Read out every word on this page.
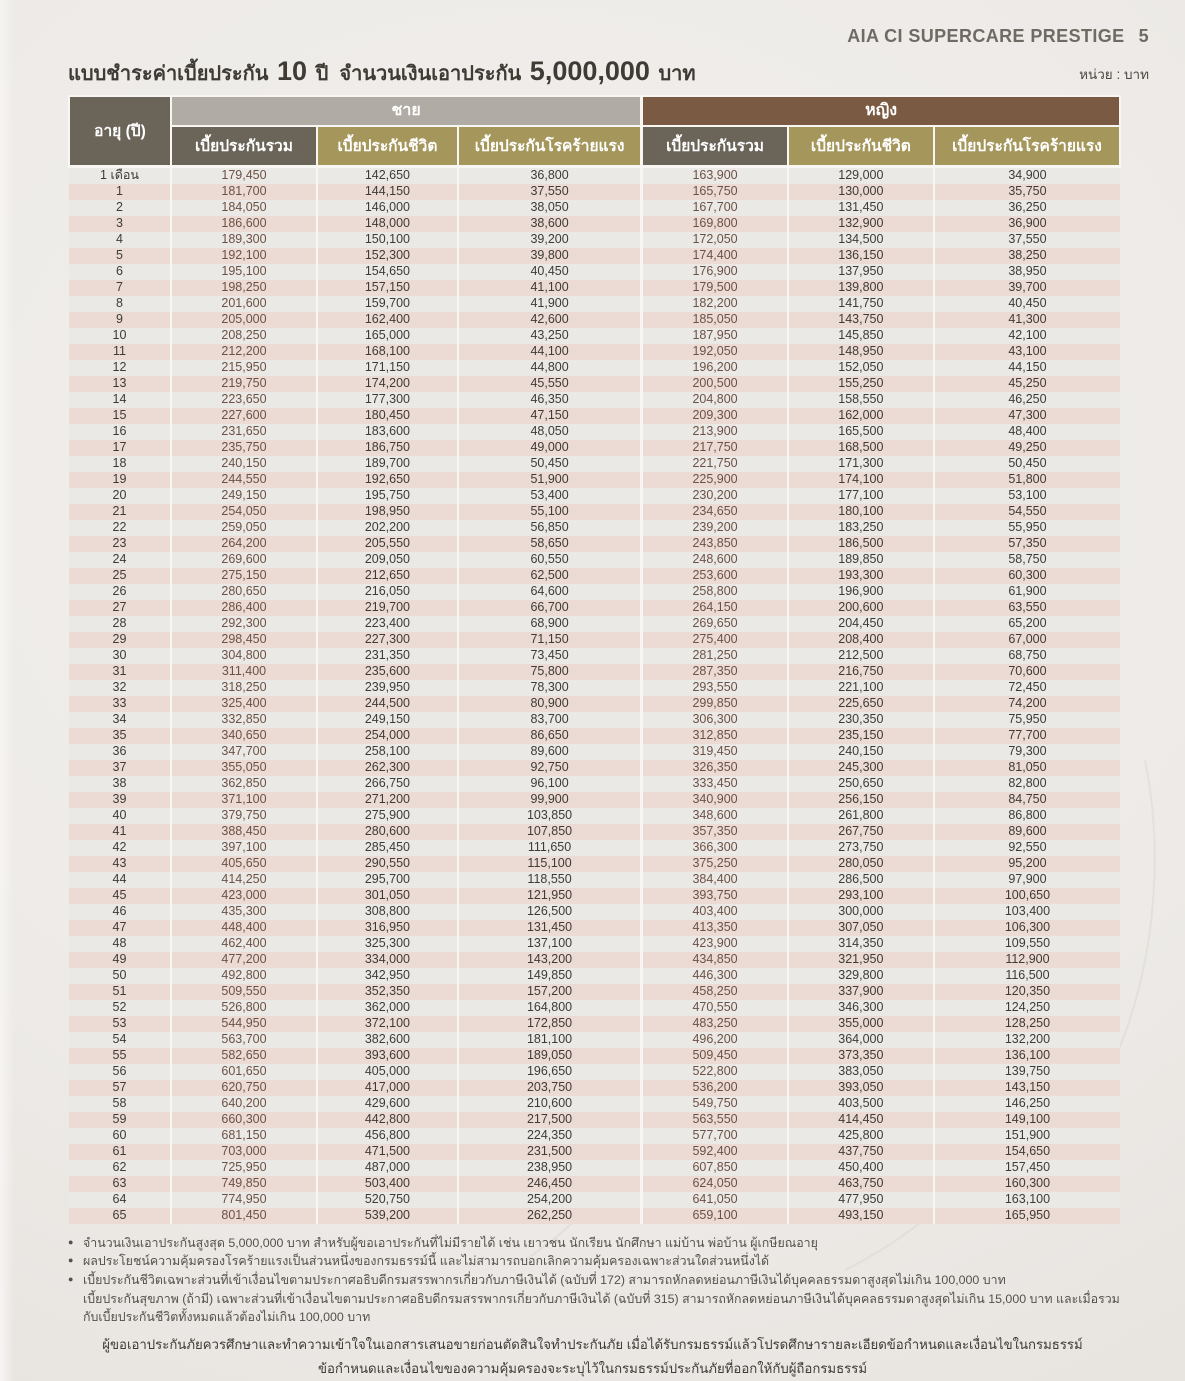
AIA CI SUPERCARE PRESTIGE 5
แบบชำระค่าเบี้ยประกัน 10 ปี จำนวนเงินเอาประกัน 5,000,000 บาท	หน่วย : บาท
อายุ (ปี)	ชาย			หญิง		
	เบี้ยประกันรวม	เบี้ยประกันชีวิต	เบี้ยประกันโรคร้ายแรง	เบี้ยประกันรวม	เบี้ยประกันชีวิต	เบี้ยประกันโรคร้ายแรง
1 เดือน	179,450	142,650	36,800	163,900	129,000	34,900
1	181,700	144,150	37,550	165,750	130,000	35,750
2	184,050	146,000	38,050	167,700	131,450	36,250
3	186,600	148,000	38,600	169,800	132,900	36,900
4	189,300	150,100	39,200	172,050	134,500	37,550
5	192,100	152,300	39,800	174,400	136,150	38,250
6	195,100	154,650	40,450	176,900	137,950	38,950
7	198,250	157,150	41,100	179,500	139,800	39,700
8	201,600	159,700	41,900	182,200	141,750	40,450
9	205,000	162,400	42,600	185,050	143,750	41,300
10	208,250	165,000	43,250	187,950	145,850	42,100
11	212,200	168,100	44,100	192,050	148,950	43,100
12	215,950	171,150	44,800	196,200	152,050	44,150
13	219,750	174,200	45,550	200,500	155,250	45,250
14	223,650	177,300	46,350	204,800	158,550	46,250
15	227,600	180,450	47,150	209,300	162,000	47,300
16	231,650	183,600	48,050	213,900	165,500	48,400
17	235,750	186,750	49,000	217,750	168,500	49,250
18	240,150	189,700	50,450	221,750	171,300	50,450
19	244,550	192,650	51,900	225,900	174,100	51,800
20	249,150	195,750	53,400	230,200	177,100	53,100
21	254,050	198,950	55,100	234,650	180,100	54,550
22	259,050	202,200	56,850	239,200	183,250	55,950
23	264,200	205,550	58,650	243,850	186,500	57,350
24	269,600	209,050	60,550	248,600	189,850	58,750
25	275,150	212,650	62,500	253,600	193,300	60,300
26	280,650	216,050	64,600	258,800	196,900	61,900
27	286,400	219,700	66,700	264,150	200,600	63,550
28	292,300	223,400	68,900	269,650	204,450	65,200
29	298,450	227,300	71,150	275,400	208,400	67,000
30	304,800	231,350	73,450	281,250	212,500	68,750
31	311,400	235,600	75,800	287,350	216,750	70,600
32	318,250	239,950	78,300	293,550	221,100	72,450
33	325,400	244,500	80,900	299,850	225,650	74,200
34	332,850	249,150	83,700	306,300	230,350	75,950
35	340,650	254,000	86,650	312,850	235,150	77,700
36	347,700	258,100	89,600	319,450	240,150	79,300
37	355,050	262,300	92,750	326,350	245,300	81,050
38	362,850	266,750	96,100	333,450	250,650	82,800
39	371,100	271,200	99,900	340,900	256,150	84,750
40	379,750	275,900	103,850	348,600	261,800	86,800
41	388,450	280,600	107,850	357,350	267,750	89,600
42	397,100	285,450	111,650	366,300	273,750	92,550
43	405,650	290,550	115,100	375,250	280,050	95,200
44	414,250	295,700	118,550	384,400	286,500	97,900
45	423,000	301,050	121,950	393,750	293,100	100,650
46	435,300	308,800	126,500	403,400	300,000	103,400
47	448,400	316,950	131,450	413,350	307,050	106,300
48	462,400	325,300	137,100	423,900	314,350	109,550
49	477,200	334,000	143,200	434,850	321,950	112,900
50	492,800	342,950	149,850	446,300	329,800	116,500
51	509,550	352,350	157,200	458,250	337,900	120,350
52	526,800	362,000	164,800	470,550	346,300	124,250
53	544,950	372,100	172,850	483,250	355,000	128,250
54	563,700	382,600	181,100	496,200	364,000	132,200
55	582,650	393,600	189,050	509,450	373,350	136,100
56	601,650	405,000	196,650	522,800	383,050	139,750
57	620,750	417,000	203,750	536,200	393,050	143,150
58	640,200	429,600	210,600	549,750	403,500	146,250
59	660,300	442,800	217,500	563,550	414,450	149,100
60	681,150	456,800	224,350	577,700	425,800	151,900
61	703,000	471,500	231,500	592,400	437,750	154,650
62	725,950	487,000	238,950	607,850	450,400	157,450
63	749,850	503,400	246,450	624,050	463,750	160,300
64	774,950	520,750	254,200	641,050	477,950	163,100
65	801,450	539,200	262,250	659,100	493,150	165,950
● จำนวนเงินเอาประกันสูงสุด 5,000,000 บาท สำหรับผู้ขอเอาประกันที่ไม่มีรายได้ เช่น เยาวชน นักเรียน นักศึกษา แม่บ้าน พ่อบ้าน ผู้เกษียณอายุ
● ผลประโยชน์ความคุ้มครองโรคร้ายแรงเป็นส่วนหนึ่งของกรมธรรม์นี้ และไม่สามารถบอกเลิกความคุ้มครองเฉพาะส่วนใดส่วนหนึ่งได้
● เบี้ยประกันชีวิตเฉพาะส่วนที่เข้าเงื่อนไขตามประกาศอธิบดีกรมสรรพากรเกี่ยวกับภาษีเงินได้ (ฉบับที่ 172) สามารถหักลดหย่อนภาษีเงินได้บุคคลธรรมดาสูงสุดไม่เกิน 100,000 บาท
เบี้ยประกันสุขภาพ (ถ้ามี) เฉพาะส่วนที่เข้าเงื่อนไขตามประกาศอธิบดีกรมสรรพากรเกี่ยวกับภาษีเงินได้ (ฉบับที่ 315) สามารถหักลดหย่อนภาษีเงินได้บุคคลธรรมดาสูงสุดไม่เกิน 15,000 บาท และเมื่อรวม
กับเบี้ยประกันชีวิตทั้งหมดแล้วต้องไม่เกิน 100,000 บาท
ผู้ขอเอาประกันภัยควรศึกษาและทำความเข้าใจในเอกสารเสนอขายก่อนตัดสินใจทำประกันภัย เมื่อได้รับกรมธรรม์แล้วโปรดศึกษารายละเอียดข้อกำหนดและเงื่อนไขในกรมธรรม์
ข้อกำหนดและเงื่อนไขของความคุ้มครองจะระบุไว้ในกรมธรรม์ประกันภัยที่ออกให้กับผู้ถือกรมธรรม์
